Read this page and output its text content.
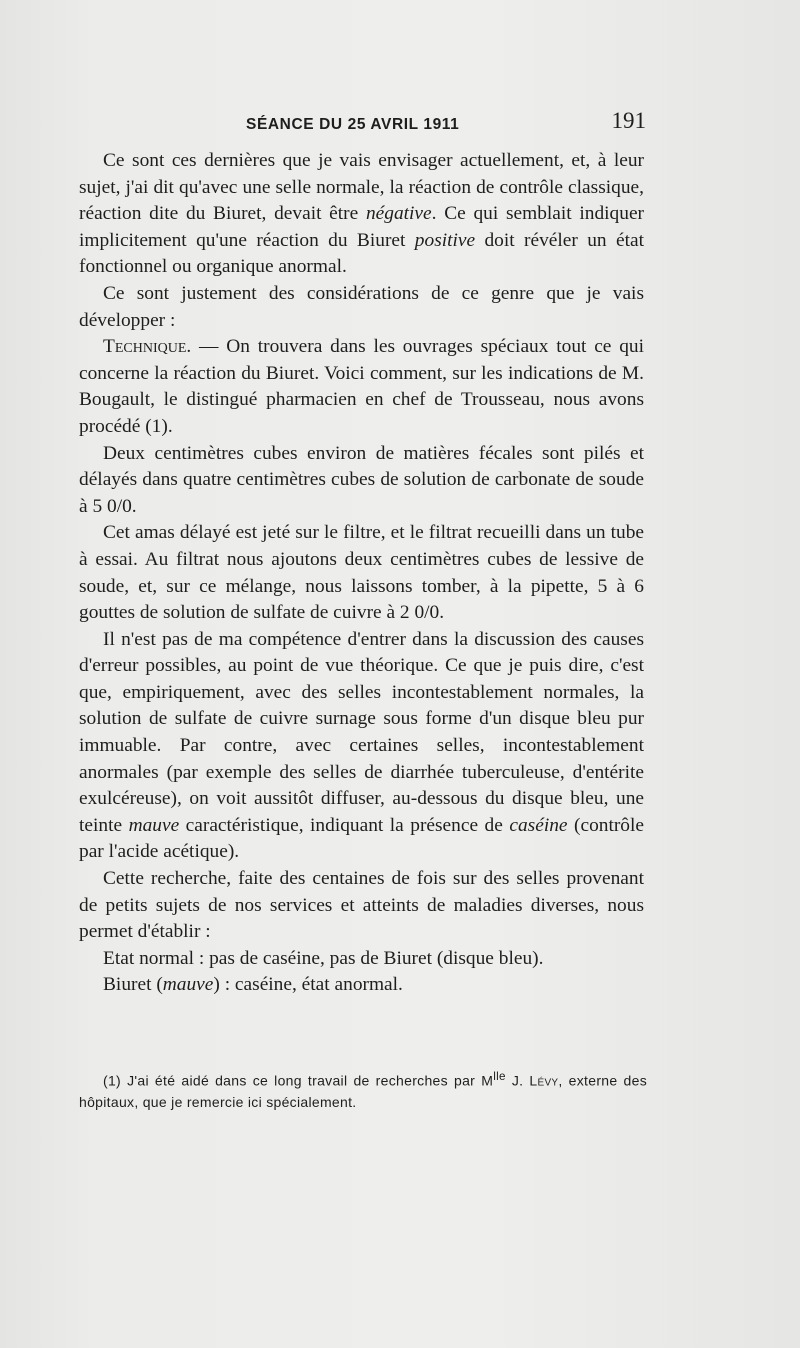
SÉANCE DU 25 AVRIL 1911	191

Ce sont ces dernières que je vais envisager actuellement, et, à leur sujet, j'ai dit qu'avec une selle normale, la réaction de contrôle classique, réaction dite du Biuret, devait être négative. Ce qui semblait indiquer implicitement qu'une réaction du Biuret positive doit révéler un état fonctionnel ou organique anormal.

Ce sont justement des considérations de ce genre que je vais développer :

Technique. — On trouvera dans les ouvrages spéciaux tout ce qui concerne la réaction du Biuret. Voici comment, sur les indications de M. Bougault, le distingué pharmacien en chef de Trousseau, nous avons procédé (1).

Deux centimètres cubes environ de matières fécales sont pilés et délayés dans quatre centimètres cubes de solution de carbonate de soude à 5 0/0.

Cet amas délayé est jeté sur le filtre, et le filtrat recueilli dans un tube à essai. Au filtrat nous ajoutons deux centimètres cubes de lessive de soude, et, sur ce mélange, nous laissons tomber, à la pipette, 5 à 6 gouttes de solution de sulfate de cuivre à 2 0/0.

Il n'est pas de ma compétence d'entrer dans la discussion des causes d'erreur possibles, au point de vue théorique. Ce que je puis dire, c'est que, empiriquement, avec des selles incontestablement normales, la solution de sulfate de cuivre surnage sous forme d'un disque bleu pur immuable. Par contre, avec certaines selles, incontestablement anormales (par exemple des selles de diarrhée tuberculeuse, d'entérite exulcéreuse), on voit aussitôt diffuser, au-dessous du disque bleu, une teinte mauve caractéristique, indiquant la présence de caséine (contrôle par l'acide acétique).

Cette recherche, faite des centaines de fois sur des selles provenant de petits sujets de nos services et atteints de maladies diverses, nous permet d'établir :

Etat normal : pas de caséine, pas de Biuret (disque bleu).

Biuret (mauve) : caséine, état anormal.

(1) J'ai été aidé dans ce long travail de recherches par $M^{lle}$ J. Lévy, externe des hôpitaux, que je remercie ici spécialement.
